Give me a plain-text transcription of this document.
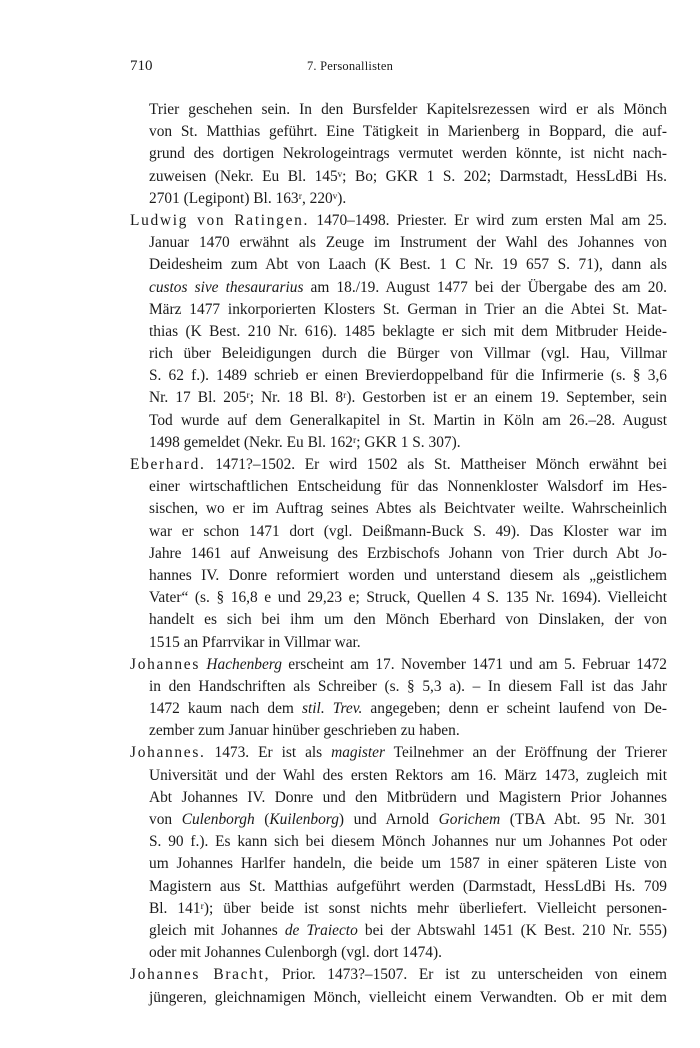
710	7. Personallisten
Trier geschehen sein. In den Bursfelder Kapitelsrezessen wird er als Mönch
von St. Matthias geführt. Eine Tätigkeit in Marienberg in Boppard, die auf-
grund des dortigen Nekrologeintrags vermutet werden könnte, ist nicht nach-
zuweisen (Nekr. Eu Bl. 145ᵛ; Bo; GKR 1 S. 202; Darmstadt, HessLdBi Hs.
2701 (Legipont) Bl. 163ʳ, 220ᵛ).
Ludwig von Ratingen. 1470–1498. Priester. Er wird zum ersten Mal am 25.
Januar 1470 erwähnt als Zeuge im Instrument der Wahl des Johannes von
Deidesheim zum Abt von Laach (K Best. 1 C Nr. 19 657 S. 71), dann als
custos sive thesaurarius am 18./19. August 1477 bei der Übergabe des am 20.
März 1477 inkorporierten Klosters St. German in Trier an die Abtei St. Mat-
thias (K Best. 210 Nr. 616). 1485 beklagte er sich mit dem Mitbruder Heide-
rich über Beleidigungen durch die Bürger von Villmar (vgl. Hau, Villmar
S. 62 f.). 1489 schrieb er einen Brevierdoppelband für die Infirmerie (s. § 3,6
Nr. 17 Bl. 205ʳ; Nr. 18 Bl. 8ʳ). Gestorben ist er an einem 19. September, sein
Tod wurde auf dem Generalkapitel in St. Martin in Köln am 26.–28. August
1498 gemeldet (Nekr. Eu Bl. 162ʳ; GKR 1 S. 307).
Eberhard. 1471?–1502. Er wird 1502 als St. Mattheiser Mönch erwähnt bei
einer wirtschaftlichen Entscheidung für das Nonnenkloster Walsdorf im Hes-
sischen, wo er im Auftrag seines Abtes als Beichtvater weilte. Wahrscheinlich
war er schon 1471 dort (vgl. Deißmann-Buck S. 49). Das Kloster war im
Jahre 1461 auf Anweisung des Erzbischofs Johann von Trier durch Abt Jo-
hannes IV. Donre reformiert worden und unterstand diesem als „geistlichem
Vater“ (s. § 16,8 e und 29,23 e; Struck, Quellen 4 S. 135 Nr. 1694). Vielleicht
handelt es sich bei ihm um den Mönch Eberhard von Dinslaken, der von
1515 an Pfarrvikar in Villmar war.
Johannes Hachenberg erscheint am 17. November 1471 und am 5. Februar 1472
in den Handschriften als Schreiber (s. § 5,3 a). – In diesem Fall ist das Jahr
1472 kaum nach dem stil. Trev. angegeben; denn er scheint laufend von De-
zember zum Januar hinüber geschrieben zu haben.
Johannes. 1473. Er ist als magister Teilnehmer an der Eröffnung der Trierer
Universität und der Wahl des ersten Rektors am 16. März 1473, zugleich mit
Abt Johannes IV. Donre und den Mitbrüdern und Magistern Prior Johannes
von Culenborgh (Kuilenborg) und Arnold Gorichem (TBA Abt. 95 Nr. 301
S. 90 f.). Es kann sich bei diesem Mönch Johannes nur um Johannes Pot oder
um Johannes Harlfer handeln, die beide um 1587 in einer späteren Liste von
Magistern aus St. Matthias aufgeführt werden (Darmstadt, HessLdBi Hs. 709
Bl. 141ʳ); über beide ist sonst nichts mehr überliefert. Vielleicht personen-
gleich mit Johannes de Traiecto bei der Abtswahl 1451 (K Best. 210 Nr. 555)
oder mit Johannes Culenborgh (vgl. dort 1474).
Johannes Bracht, Prior. 1473?–1507. Er ist zu unterscheiden von einem
jüngeren, gleichnamigen Mönch, vielleicht einem Verwandten. Ob er mit dem
